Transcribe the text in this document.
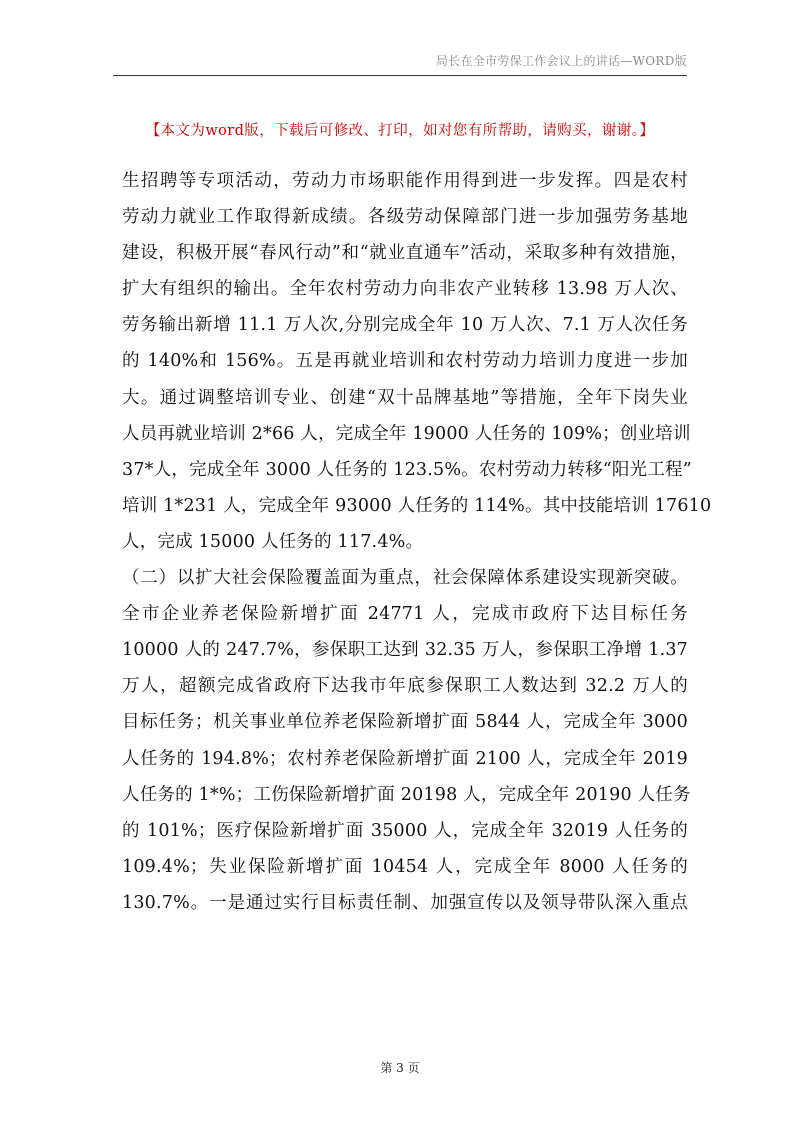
局长在全市劳保工作会议上的讲话—WORD版
【本文为word版，下载后可修改、打印，如对您有所帮助，请购买，谢谢。】
生招聘等专项活动，劳动力市场职能作用得到进一步发挥。四是农村
劳动力就业工作取得新成绩。各级劳动保障部门进一步加强劳务基地
建设，积极开展“春风行动”和“就业直通车”活动，采取多种有效措施，
扩大有组织的输出。全年农村劳动力向非农产业转移 13.98 万人次、
劳务输出新增 11.1 万人次,分别完成全年 10 万人次、7.1 万人次任务
的 140%和 156%。五是再就业培训和农村劳动力培训力度进一步加
大。通过调整培训专业、创建“双十品牌基地”等措施，全年下岗失业
人员再就业培训 2*66 人，完成全年 19000 人任务的 109%；创业培训
37*人，完成全年 3000 人任务的 123.5%。农村劳动力转移“阳光工程”
培训 1*231 人，完成全年 93000 人任务的 114%。其中技能培训 17610
人，完成 15000 人任务的 117.4%。
（二）以扩大社会保险覆盖面为重点，社会保障体系建设实现新突破。
全市企业养老保险新增扩面 24771 人，完成市政府下达目标任务
10000 人的 247.7%，参保职工达到 32.35 万人，参保职工净增 1.37
万人，超额完成省政府下达我市年底参保职工人数达到 32.2 万人的
目标任务；机关事业单位养老保险新增扩面 5844 人，完成全年 3000
人任务的 194.8%；农村养老保险新增扩面 2100 人，完成全年 2019
人任务的 1*%；工伤保险新增扩面 20198 人，完成全年 20190 人任务
的 101%；医疗保险新增扩面 35000 人，完成全年 32019 人任务的
109.4%；失业保险新增扩面 10454 人，完成全年 8000 人任务的
130.7%。一是通过实行目标责任制、加强宣传以及领导带队深入重点
第 3 页
